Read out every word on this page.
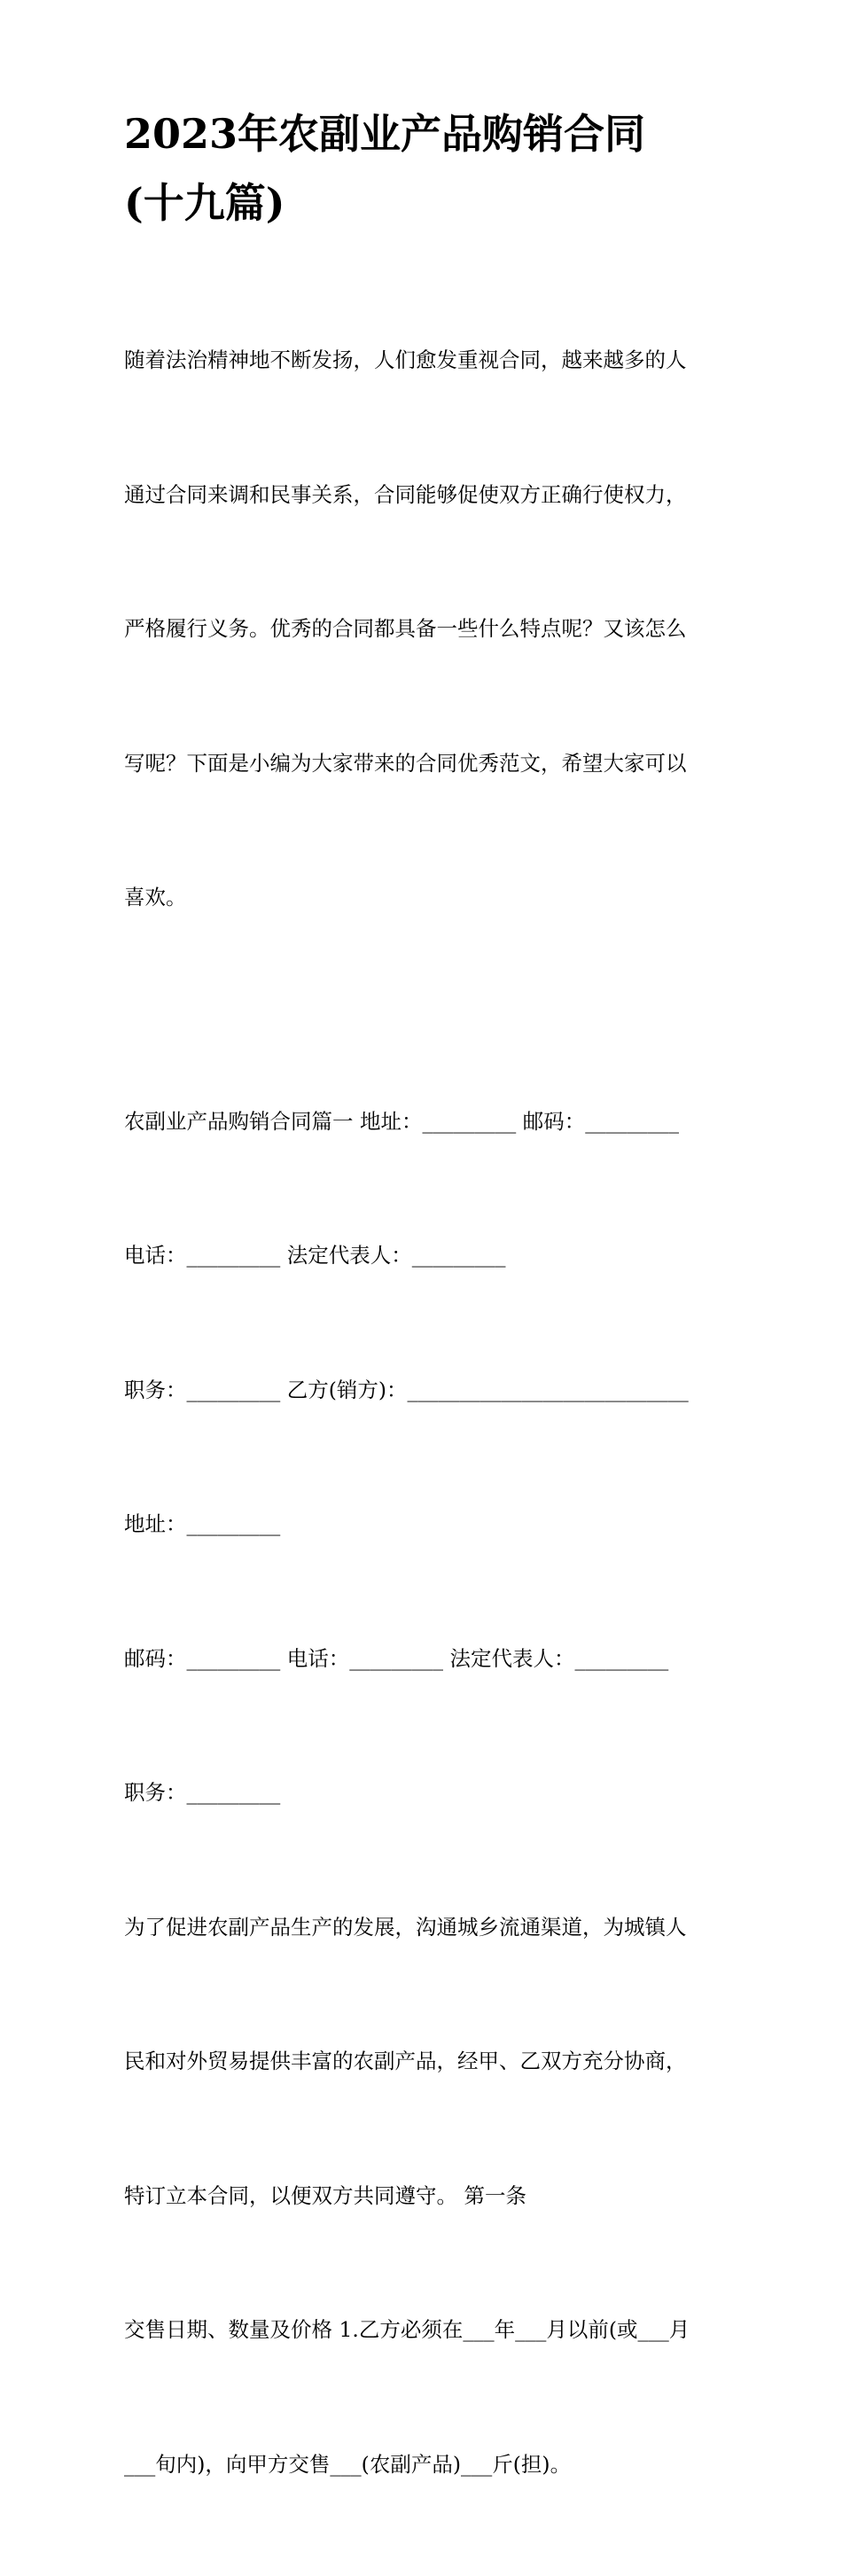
2023年农副业产品购销合同
(十九篇)

随着法治精神地不断发扬，人们愈发重视合同，越来越多的人

通过合同来调和民事关系，合同能够促使双方正确行使权力，

严格履行义务。优秀的合同都具备一些什么特点呢？又该怎么

写呢？下面是小编为大家带来的合同优秀范文，希望大家可以

喜欢。

农副业产品购销合同篇一 地址：_________ 邮码：_________

电话：_________ 法定代表人：_________

职务：_________ 乙方(销方)：___________________________

地址：_________

邮码：_________ 电话：_________ 法定代表人：_________

职务：_________

为了促进农副产品生产的发展，沟通城乡流通渠道，为城镇人

民和对外贸易提供丰富的农副产品，经甲、乙双方充分协商，

特订立本合同，以便双方共同遵守。 第一条

交售日期、数量及价格 1.乙方必须在___年___月以前(或___月

___旬内)，向甲方交售___(农副产品)___斤(担)。
